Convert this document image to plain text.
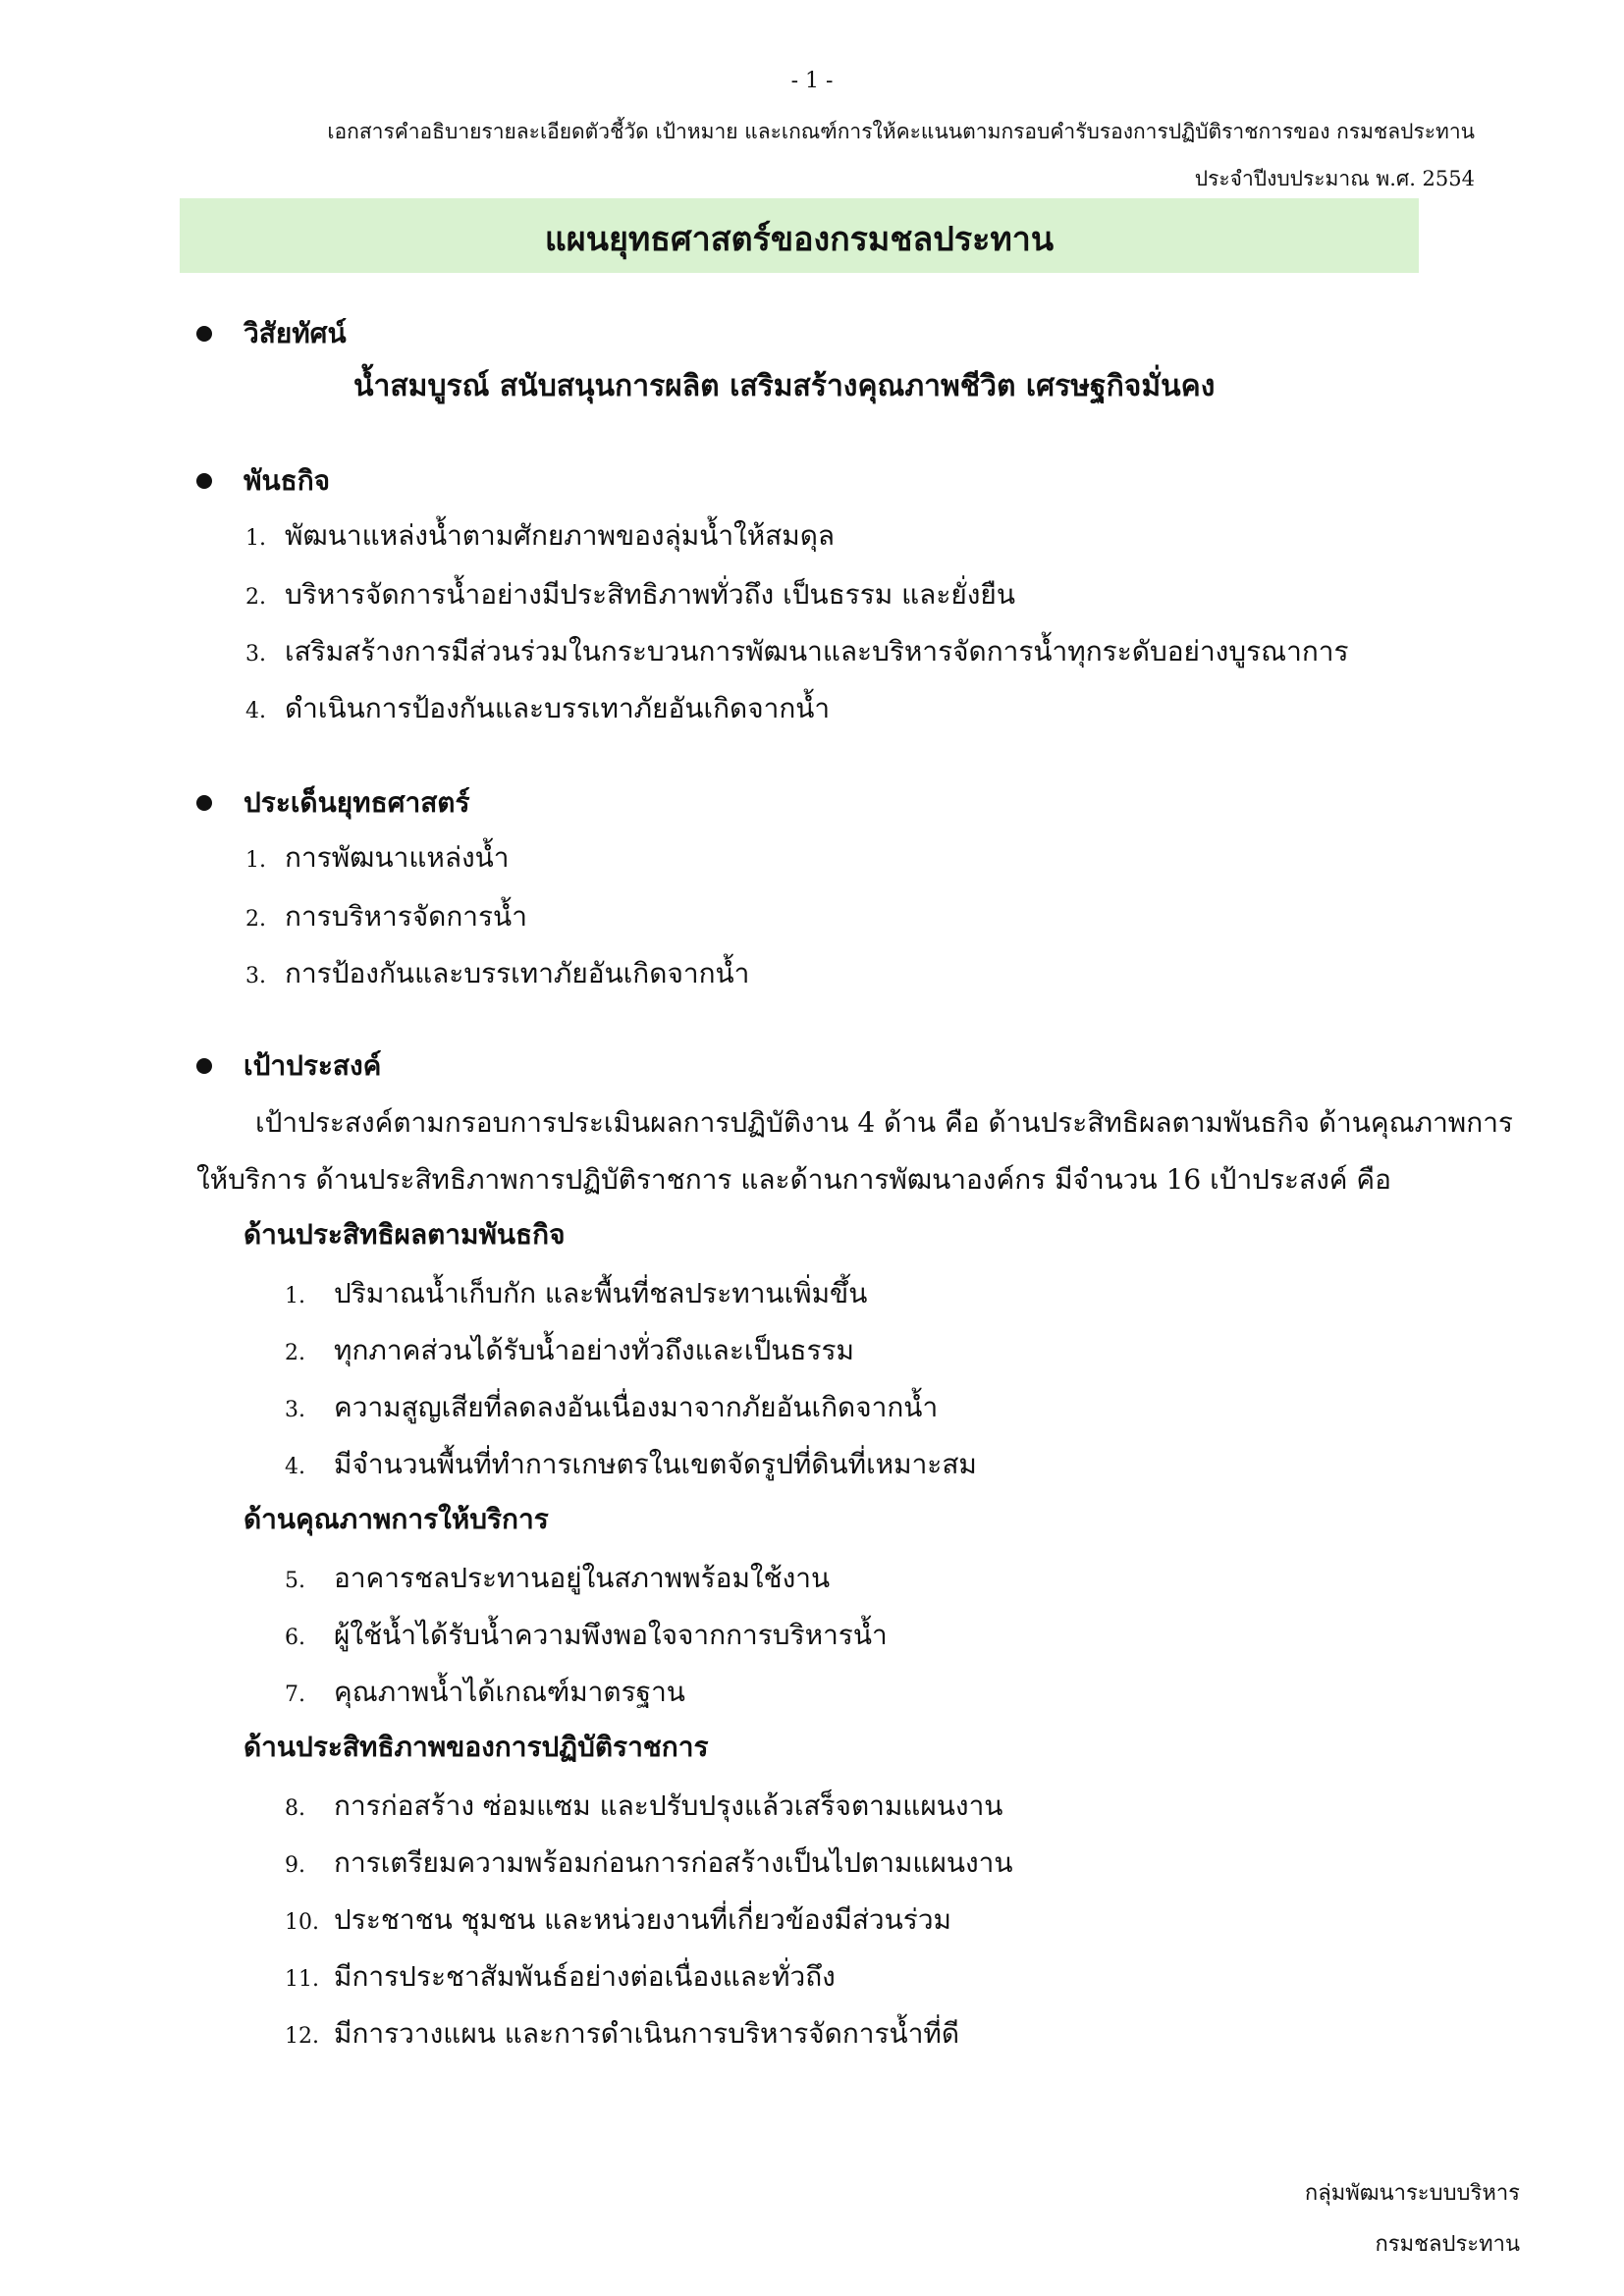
- 1 -
เอกสารคำอธิบายรายละเอียดตัวชี้วัด เป้าหมาย และเกณฑ์การให้คะแนนตามกรอบคำรับรองการปฏิบัติราชการของ กรมชลประทาน
ประจำปีงบประมาณ พ.ศ. 2554
แผนยุทธศาสตร์ของกรมชลประทาน
วิสัยทัศน์
น้ำสมบูรณ์ สนับสนุนการผลิต เสริมสร้างคุณภาพชีวิต เศรษฐกิจมั่นคง
พันธกิจ
1. พัฒนาแหล่งน้ำตามศักยภาพของลุ่มน้ำให้สมดุล
2. บริหารจัดการน้ำอย่างมีประสิทธิภาพทั่วถึง เป็นธรรม และยั่งยืน
3. เสริมสร้างการมีส่วนร่วมในกระบวนการพัฒนาและบริหารจัดการน้ำทุกระดับอย่างบูรณาการ
4. ดำเนินการป้องกันและบรรเทาภัยอันเกิดจากน้ำ
ประเด็นยุทธศาสตร์
1. การพัฒนาแหล่งน้ำ
2. การบริหารจัดการน้ำ
3. การป้องกันและบรรเทาภัยอันเกิดจากน้ำ
เป้าประสงค์
เป้าประสงค์ตามกรอบการประเมินผลการปฏิบัติงาน 4 ด้าน คือ ด้านประสิทธิผลตามพันธกิจ ด้านคุณภาพการ
ให้บริการ ด้านประสิทธิภาพการปฏิบัติราชการ และด้านการพัฒนาองค์กร มีจำนวน 16 เป้าประสงค์ คือ
ด้านประสิทธิผลตามพันธกิจ
1. ปริมาณน้ำเก็บกัก และพื้นที่ชลประทานเพิ่มขึ้น
2. ทุกภาคส่วนได้รับน้ำอย่างทั่วถึงและเป็นธรรม
3. ความสูญเสียที่ลดลงอันเนื่องมาจากภัยอันเกิดจากน้ำ
4. มีจำนวนพื้นที่ทำการเกษตรในเขตจัดรูปที่ดินที่เหมาะสม
ด้านคุณภาพการให้บริการ
5. อาคารชลประทานอยู่ในสภาพพร้อมใช้งาน
6. ผู้ใช้น้ำได้รับน้ำความพึงพอใจจากการบริหารน้ำ
7. คุณภาพน้ำได้เกณฑ์มาตรฐาน
ด้านประสิทธิภาพของการปฏิบัติราชการ
8. การก่อสร้าง ซ่อมแซม และปรับปรุงแล้วเสร็จตามแผนงาน
9. การเตรียมความพร้อมก่อนการก่อสร้างเป็นไปตามแผนงาน
10. ประชาชน ชุมชน และหน่วยงานที่เกี่ยวข้องมีส่วนร่วม
11. มีการประชาสัมพันธ์อย่างต่อเนื่องและทั่วถึง
12. มีการวางแผน และการดำเนินการบริหารจัดการน้ำที่ดี
กลุ่มพัฒนาระบบบริหาร
กรมชลประทาน
